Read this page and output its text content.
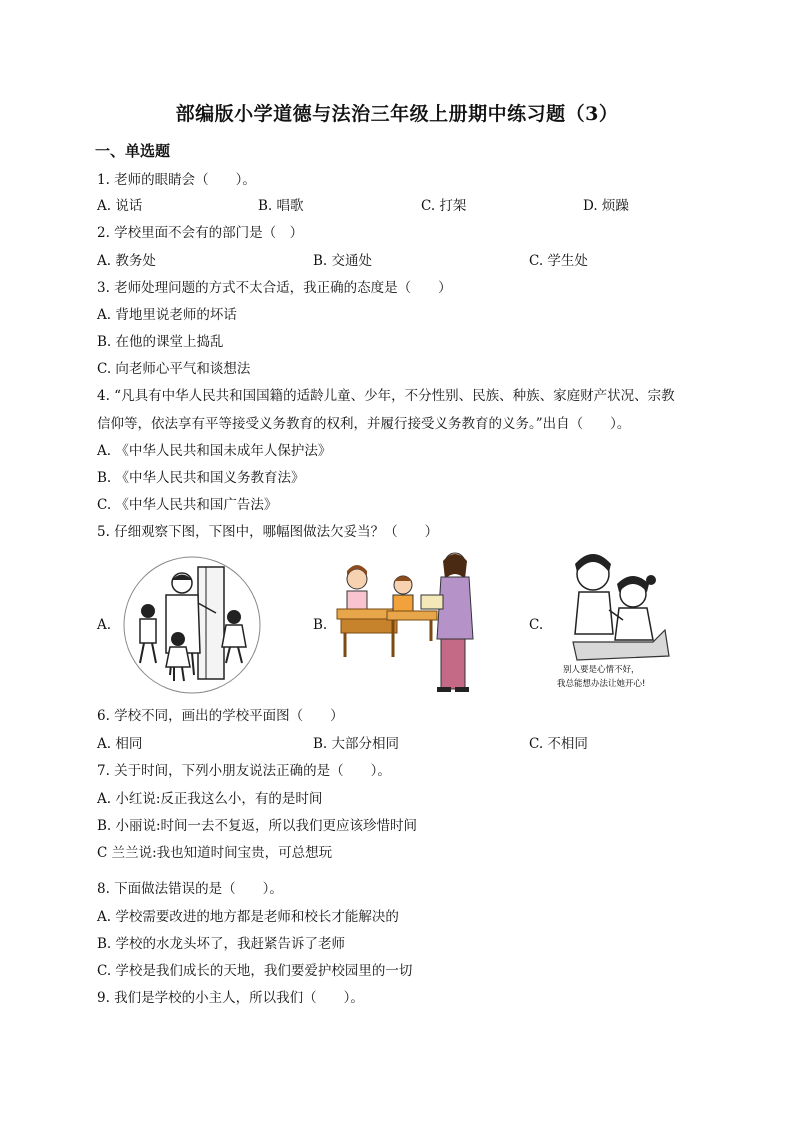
部编版小学道德与法治三年级上册期中练习题（3）
一、单选题
1. 老师的眼睛会（　　）。
A. 说话	B. 唱歌	C. 打架	D. 烦躁
2. 学校里面不会有的部门是（　）
A. 教务处	B. 交通处	C. 学生处
3. 老师处理问题的方式不太合适，我正确的态度是（　　）
A. 背地里说老师的坏话
B. 在他的课堂上捣乱
C. 向老师心平气和谈想法
4. “凡具有中华人民共和国国籍的适龄儿童、少年，不分性别、民族、种族、家庭财产状况、宗教
信仰等，依法享有平等接受义务教育的权利，并履行接受义务教育的义务。”出自（　　）。
A. 《中华人民共和国未成年人保护法》
B. 《中华人民共和国义务教育法》
C. 《中华人民共和国广告法》
5. 仔细观察下图，下图中，哪幅图做法欠妥当？（　　）
A.	B.	C.
别人要是心情不好，
我总能想办法让她开心!
6. 学校不同，画出的学校平面图（　　）
A. 相同	B. 大部分相同	C. 不相同
7. 关于时间，下列小朋友说法正确的是（　　）。
A. 小红说:反正我这么小，有的是时间
B. 小丽说:时间一去不复返，所以我们更应该珍惜时间
C 兰兰说:我也知道时间宝贵，可总想玩
8. 下面做法错误的是（　　）。
A. 学校需要改进的地方都是老师和校长才能解决的
B. 学校的水龙头坏了，我赶紧告诉了老师
C. 学校是我们成长的天地，我们要爱护校园里的一切
9. 我们是学校的小主人，所以我们（　　）。
